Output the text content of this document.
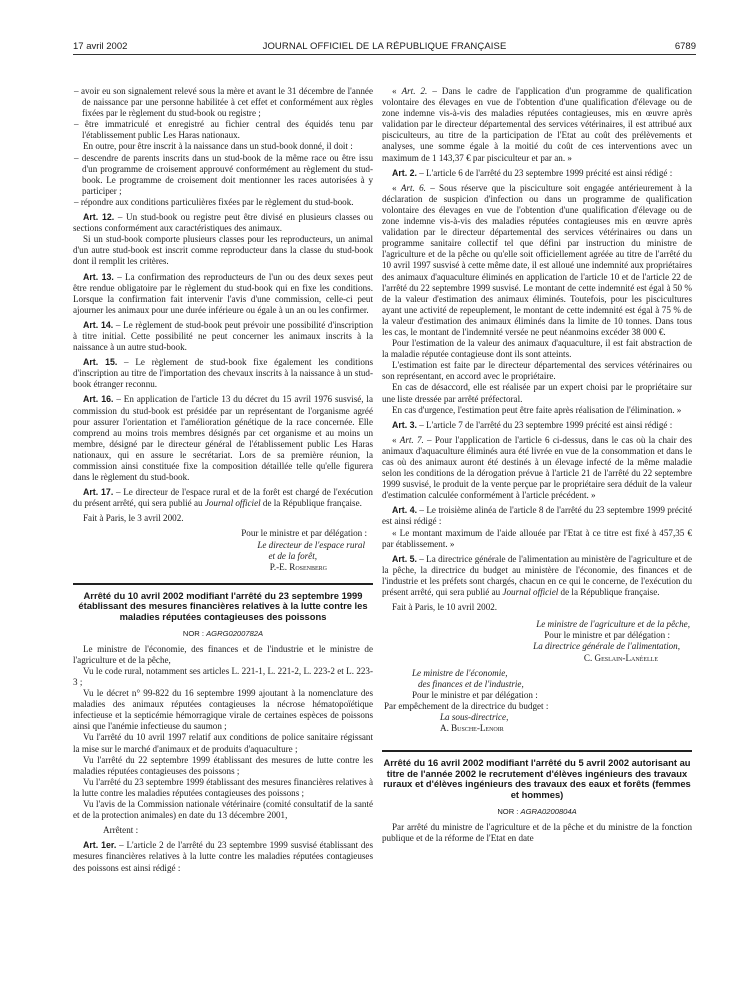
17 avril 2002	JOURNAL OFFICIEL DE LA RÉPUBLIQUE FRANÇAISE	6789

– avoir eu son signalement relevé sous la mère et avant le 31 décembre de l'année de naissance par une personne habilitée à cet effet et conformément aux règles fixées par le règlement du stud-book ou registre ;

– être immatriculé et enregistré au fichier central des équidés tenu par l'établissement public Les Haras nationaux.

En outre, pour être inscrit à la naissance dans un stud-book donné, il doit :

– descendre de parents inscrits dans un stud-book de la même race ou être issu d'un programme de croisement approuvé conformément au règlement du stud-book. Le programme de croisement doit mentionner les races autorisées à y participer ;

– répondre aux conditions particulières fixées par le règlement du stud-book.

Art. 12. – Un stud-book ou registre peut être divisé en plusieurs classes ou sections conformément aux caractéristiques des animaux.

Si un stud-book comporte plusieurs classes pour les reproducteurs, un animal d'un autre stud-book est inscrit comme reproducteur dans la classe du stud-book dont il remplit les critères.

Art. 13. – La confirmation des reproducteurs de l'un ou des deux sexes peut être rendue obligatoire par le règlement du stud-book qui en fixe les conditions. Lorsque la confirmation fait intervenir l'avis d'une commission, celle-ci peut ajourner les animaux pour une durée inférieure ou égale à un an ou les confirmer.

Art. 14. – Le règlement de stud-book peut prévoir une possibilité d'inscription à titre initial. Cette possibilité ne peut concerner les animaux inscrits à la naissance à un autre stud-book.

Art. 15. – Le règlement de stud-book fixe également les conditions d'inscription au titre de l'importation des chevaux inscrits à la naissance à un stud-book étranger reconnu.

Art. 16. – En application de l'article 13 du décret du 15 avril 1976 susvisé, la commission du stud-book est présidée par un représentant de l'organisme agréé pour assurer l'orientation et l'amélioration génétique de la race concernée. Elle comprend au moins trois membres désignés par cet organisme et au moins un membre, désigné par le directeur général de l'établissement public Les Haras nationaux, qui en assure le secrétariat. Lors de sa première réunion, la commission ainsi constituée fixe la composition détaillée telle qu'elle figurera dans le règlement du stud-book.

Art. 17. – Le directeur de l'espace rural et de la forêt est chargé de l'exécution du présent arrêté, qui sera publié au Journal officiel de la République française.

Fait à Paris, le 3 avril 2002.

Pour le ministre et par délégation :
Le directeur de l'espace rural
et de la forêt,
P.-E. Rosenberg
Arrêté du 10 avril 2002 modifiant l'arrêté du 23 septembre 1999 établissant des mesures financières relatives à la lutte contre les maladies réputées contagieuses des poissons
NOR : AGRG0200782A

Le ministre de l'économie, des finances et de l'industrie et le ministre de l'agriculture et de la pêche,

Vu le code rural, notamment ses articles L. 221-1, L. 221-2, L. 223-2 et L. 223-3 ;

Vu le décret n° 99-822 du 16 septembre 1999 ajoutant à la nomenclature des maladies des animaux réputées contagieuses la nécrose hématopoïétique infectieuse et la septicémie hémorragique virale de certaines espèces de poissons ainsi que l'anémie infectieuse du saumon ;

Vu l'arrêté du 10 avril 1997 relatif aux conditions de police sanitaire régissant la mise sur le marché d'animaux et de produits d'aquaculture ;

Vu l'arrêté du 22 septembre 1999 établissant des mesures de lutte contre les maladies réputées contagieuses des poissons ;

Vu l'arrêté du 23 septembre 1999 établissant des mesures financières relatives à la lutte contre les maladies réputées contagieuses des poissons ;

Vu l'avis de la Commission nationale vétérinaire (comité consultatif de la santé et de la protection animales) en date du 13 décembre 2001,

Arrêtent :

Art. 1er. – L'article 2 de l'arrêté du 23 septembre 1999 susvisé établissant des mesures financières relatives à la lutte contre les maladies réputées contagieuses des poissons est ainsi rédigé :

« Art. 2. – Dans le cadre de l'application d'un programme de qualification volontaire des élevages en vue de l'obtention d'une qualification d'élevage ou de zone indemne vis-à-vis des maladies réputées contagieuses, mis en œuvre après validation par le directeur départemental des services vétérinaires, il est attribué aux pisciculteurs, au titre de la participation de l'Etat au coût des prélèvements et analyses, une somme égale à la moitié du coût de ces interventions avec un maximum de 1 143,37 € par pisciculteur et par an. »

Art. 2. – L'article 6 de l'arrêté du 23 septembre 1999 précité est ainsi rédigé :

« Art. 6. – Sous réserve que la pisciculture soit engagée antérieurement à la déclaration de suspicion d'infection ou dans un programme de qualification volontaire des élevages en vue de l'obtention d'une qualification d'élevage ou de zone indemne vis-à-vis des maladies réputées contagieuses mis en œuvre après validation par le directeur départemental des services vétérinaires ou dans un programme sanitaire collectif tel que défini par instruction du ministre de l'agriculture et de la pêche ou qu'elle soit officiellement agréée au titre de l'arrêté du 10 avril 1997 susvisé à cette même date, il est alloué une indemnité aux propriétaires des animaux d'aquaculture éliminés en application de l'article 10 et de l'article 22 de l'arrêté du 22 septembre 1999 susvisé. Le montant de cette indemnité est égal à 50 % de la valeur d'estimation des animaux éliminés. Toutefois, pour les piscicultures ayant une activité de repeuplement, le montant de cette indemnité est égal à 75 % de la valeur d'estimation des animaux éliminés dans la limite de 10 tonnes. Dans tous les cas, le montant de l'indemnité versée ne peut néanmoins excéder 38 000 €.

Pour l'estimation de la valeur des animaux d'aquaculture, il est fait abstraction de la maladie réputée contagieuse dont ils sont atteints.

L'estimation est faite par le directeur départemental des services vétérinaires ou son représentant, en accord avec le propriétaire.

En cas de désaccord, elle est réalisée par un expert choisi par le propriétaire sur une liste dressée par arrêté préfectoral.

En cas d'urgence, l'estimation peut être faite après réalisation de l'élimination. »

Art. 3. – L'article 7 de l'arrêté du 23 septembre 1999 précité est ainsi rédigé :

« Art. 7. – Pour l'application de l'article 6 ci-dessus, dans le cas où la chair des animaux d'aquaculture éliminés aura été livrée en vue de la consommation et dans le cas où des animaux auront été destinés à un élevage infecté de la même maladie selon les conditions de la dérogation prévue à l'article 21 de l'arrêté du 22 septembre 1999 susvisé, le produit de la vente perçue par le propriétaire sera déduit de la valeur d'estimation calculée conformément à l'article précédent. »

Art. 4. – Le troisième alinéa de l'article 8 de l'arrêté du 23 septembre 1999 précité est ainsi rédigé :

« Le montant maximum de l'aide allouée par l'Etat à ce titre est fixé à 457,35 € par établissement. »

Art. 5. – La directrice générale de l'alimentation au ministère de l'agriculture et de la pêche, la directrice du budget au ministère de l'économie, des finances et de l'industrie et les préfets sont chargés, chacun en ce qui le concerne, de l'exécution du présent arrêté, qui sera publié au Journal officiel de la République française.

Fait à Paris, le 10 avril 2002.

Le ministre de l'agriculture et de la pêche,
Pour le ministre et par délégation :
La directrice générale de l'alimentation,
C. Geslain-Lanéelle
Le ministre de l'économie,
des finances et de l'industrie,
Pour le ministre et par délégation :
Par empêchement de la directrice du budget :
La sous-directrice,
A. Busche-Lenoir
Arrêté du 16 avril 2002 modifiant l'arrêté du 5 avril 2002 autorisant au titre de l'année 2002 le recrutement d'élèves ingénieurs des travaux ruraux et d'élèves ingénieurs des travaux des eaux et forêts (femmes et hommes)
NOR : AGRA0200804A

Par arrêté du ministre de l'agriculture et de la pêche et du ministre de la fonction publique et de la réforme de l'Etat en date
